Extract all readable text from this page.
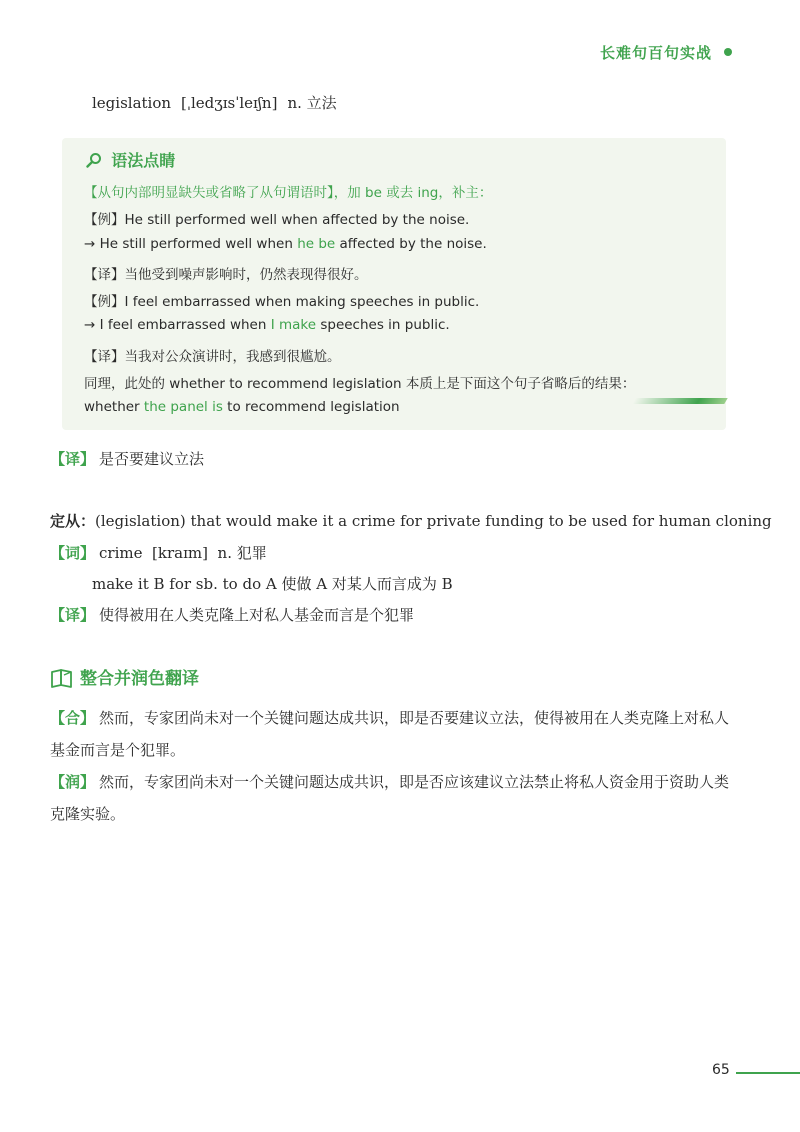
长难句百句实战
legislation [ˌledʒɪsˈleɪʃn] n. 立法
语法点睛
【从句内部明显缺失或省略了从句谓语时】，加 be 或去 ing，补主：
【例】He still performed well when affected by the noise.
→ He still performed well when he be affected by the noise.
【译】当他受到噪声影响时，仍然表现得很好。
【例】I feel embarrassed when making speeches in public.
→ I feel embarrassed when I make speeches in public.
【译】当我对公众演讲时，我感到很尴尬。
同理，此处的 whether to recommend legislation 本质上是下面这个句子省略后的结果：
whether the panel is to recommend legislation
【译】 是否要建议立法
定从：(legislation) that would make it a crime for private funding to be used for human cloning
【词】 crime [kraɪm] n. 犯罪
make it B for sb. to do A 使做 A 对某人而言成为 B
【译】 使得被用在人类克隆上对私人基金而言是个犯罪
整合并润色翻译
【合】 然而，专家团尚未对一个关键问题达成共识，即是否要建议立法，使得被用在人类克隆上对私人基金而言是个犯罪。
【润】 然而，专家团尚未对一个关键问题达成共识，即是否应该建议立法禁止将私人资金用于资助人类克隆实验。
65
